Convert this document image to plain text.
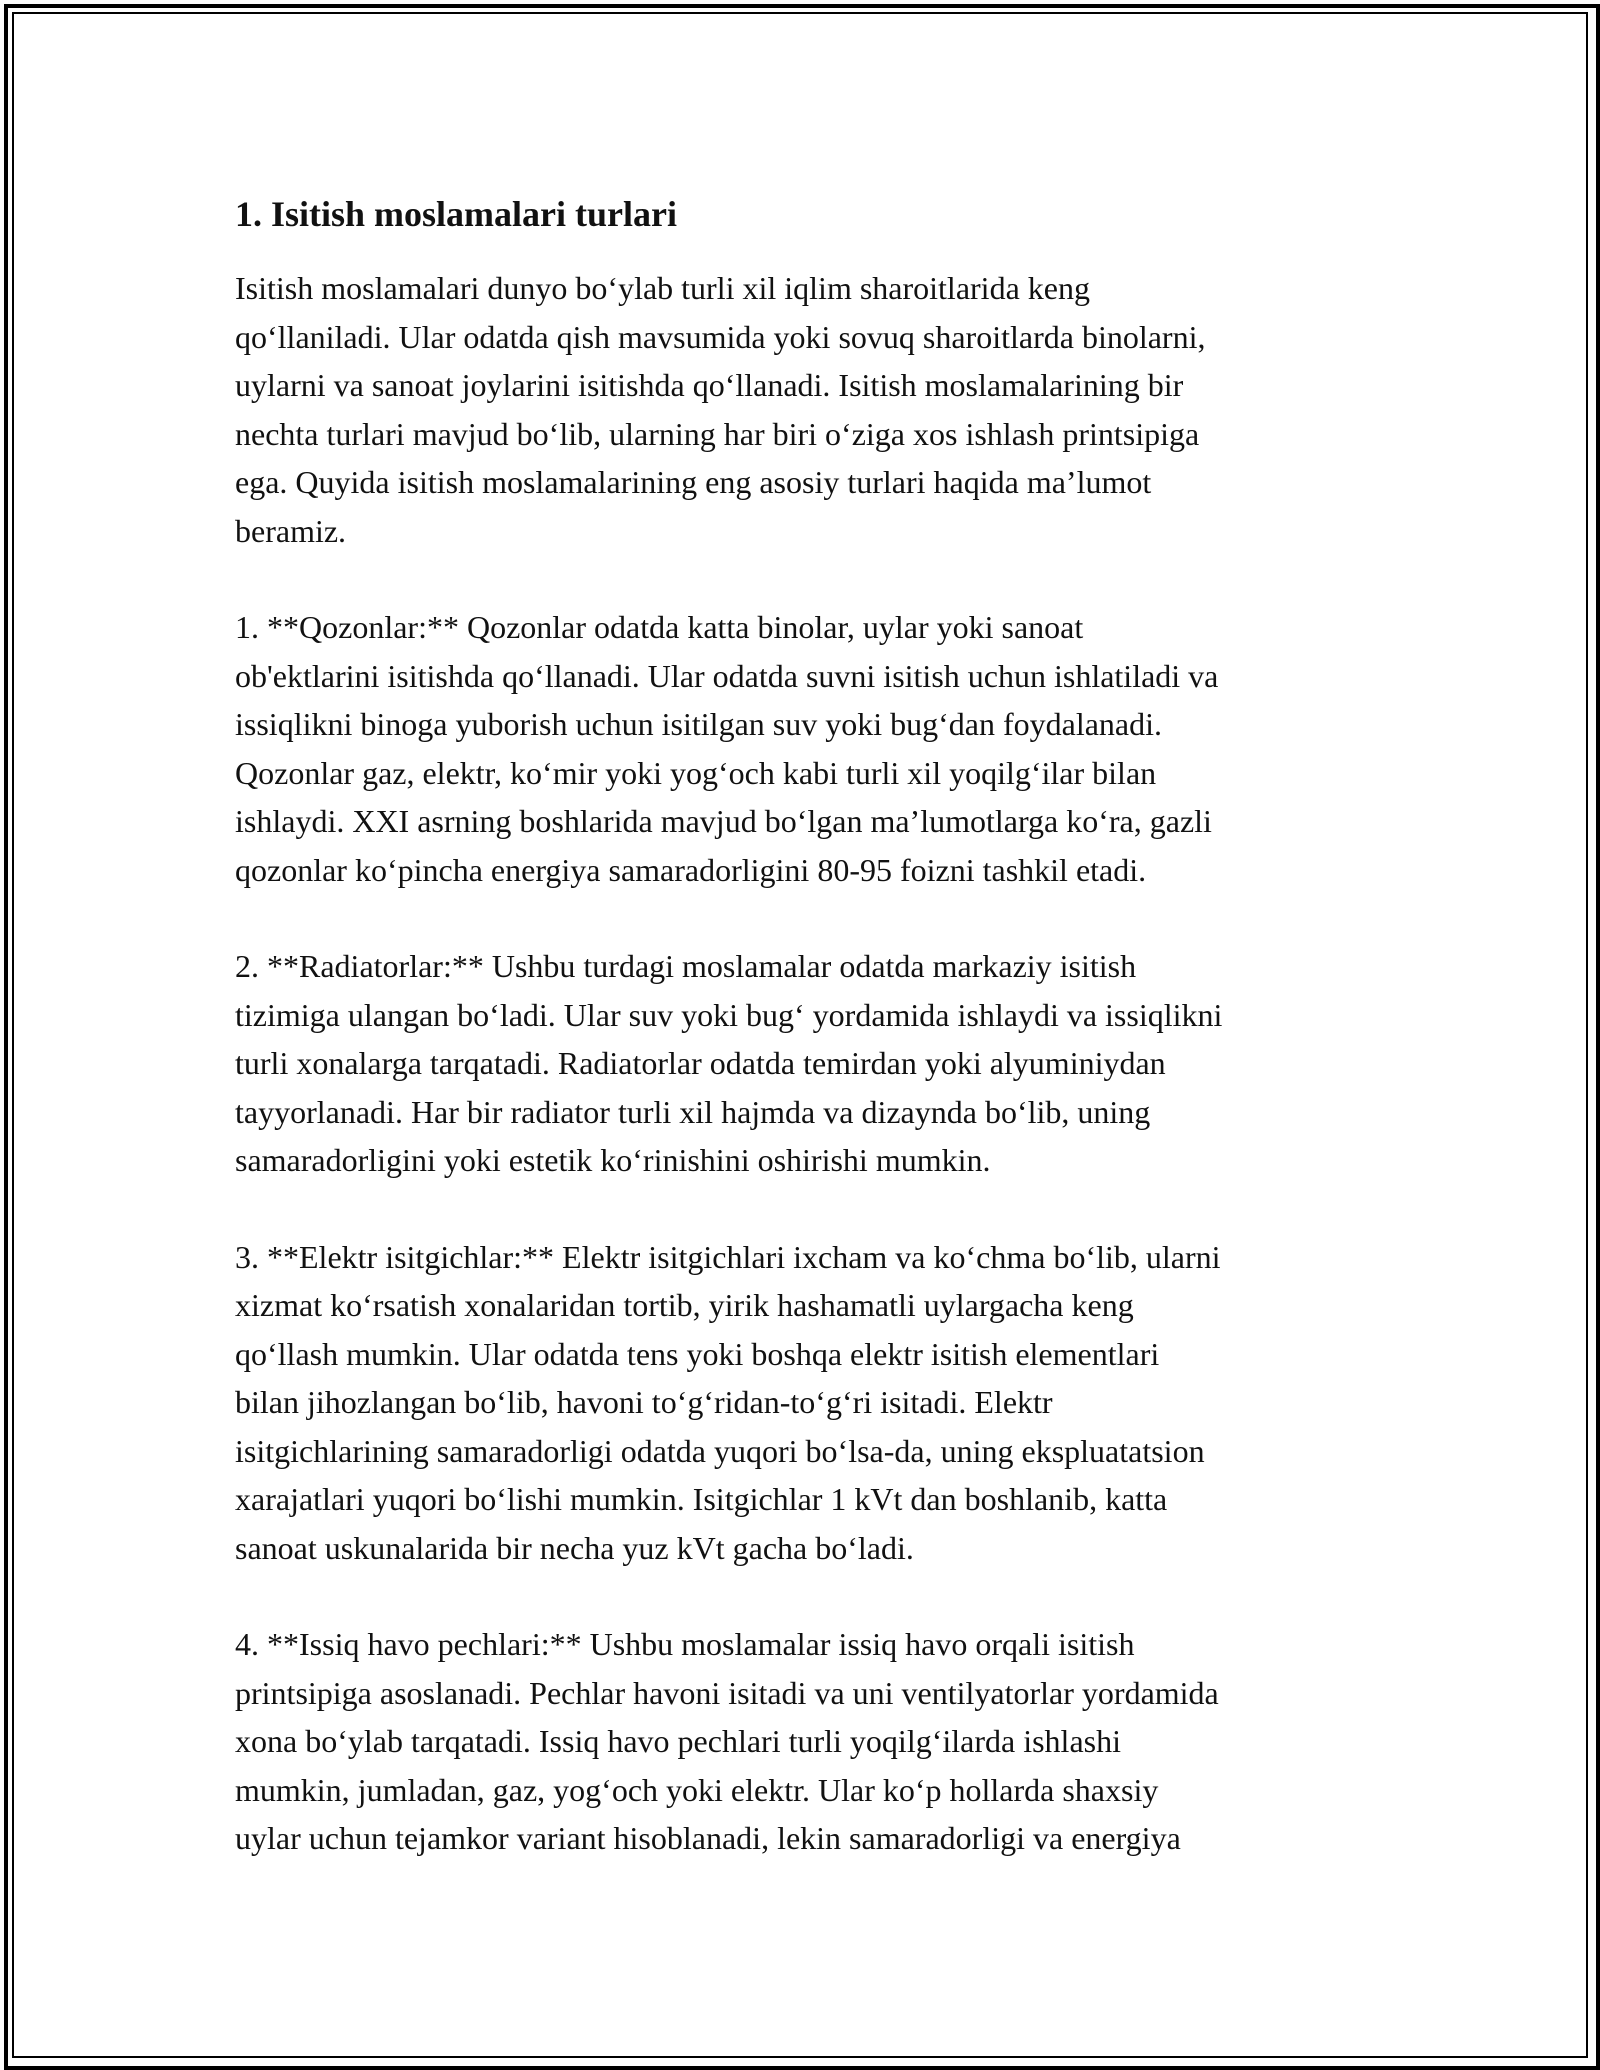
1. Isitish moslamalari turlari

Isitish moslamalari dunyo bo‘ylab turli xil iqlim sharoitlarida keng
qo‘llaniladi. Ular odatda qish mavsumida yoki sovuq sharoitlarda binolarni,
uylarni va sanoat joylarini isitishda qo‘llanadi. Isitish moslamalarining bir
nechta turlari mavjud bo‘lib, ularning har biri o‘ziga xos ishlash printsipiga
ega. Quyida isitish moslamalarining eng asosiy turlari haqida ma’lumot
beramiz.

1. **Qozonlar:** Qozonlar odatda katta binolar, uylar yoki sanoat
ob'ektlarini isitishda qo‘llanadi. Ular odatda suvni isitish uchun ishlatiladi va
issiqlikni binoga yuborish uchun isitilgan suv yoki bug‘dan foydalanadi.
Qozonlar gaz, elektr, ko‘mir yoki yog‘och kabi turli xil yoqilg‘ilar bilan
ishlaydi. XXI asrning boshlarida mavjud bo‘lgan ma’lumotlarga ko‘ra, gazli
qozonlar ko‘pincha energiya samaradorligini 80-95 foizni tashkil etadi.

2. **Radiatorlar:** Ushbu turdagi moslamalar odatda markaziy isitish
tizimiga ulangan bo‘ladi. Ular suv yoki bug‘ yordamida ishlaydi va issiqlikni
turli xonalarga tarqatadi. Radiatorlar odatda temirdan yoki alyuminiydan
tayyorlanadi. Har bir radiator turli xil hajmda va dizaynda bo‘lib, uning
samaradorligini yoki estetik ko‘rinishini oshirishi mumkin.

3. **Elektr isitgichlar:** Elektr isitgichlari ixcham va ko‘chma bo‘lib, ularni
xizmat ko‘rsatish xonalaridan tortib, yirik hashamatli uylargacha keng
qo‘llash mumkin. Ular odatda tens yoki boshqa elektr isitish elementlari
bilan jihozlangan bo‘lib, havoni to‘g‘ridan-to‘g‘ri isitadi. Elektr
isitgichlarining samaradorligi odatda yuqori bo‘lsa-da, uning ekspluatatsion
xarajatlari yuqori bo‘lishi mumkin. Isitgichlar 1 kVt dan boshlanib, katta
sanoat uskunalarida bir necha yuz kVt gacha bo‘ladi.

4. **Issiq havo pechlari:** Ushbu moslamalar issiq havo orqali isitish
printsipiga asoslanadi. Pechlar havoni isitadi va uni ventilyatorlar yordamida
xona bo‘ylab tarqatadi. Issiq havo pechlari turli yoqilg‘ilarda ishlashi
mumkin, jumladan, gaz, yog‘och yoki elektr. Ular ko‘p hollarda shaxsiy
uylar uchun tejamkor variant hisoblanadi, lekin samaradorligi va energiya
